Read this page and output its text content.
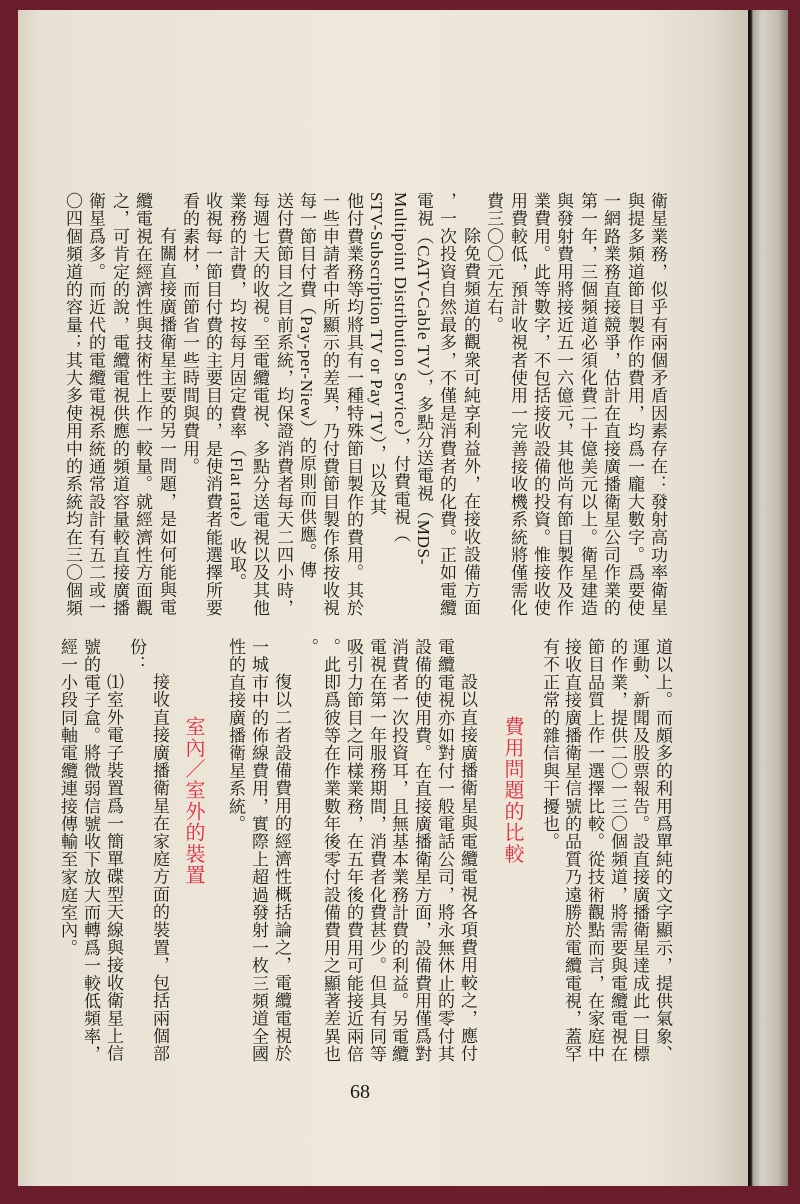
衛星業務，似乎有兩個矛盾因素存在：發射高功率衛星
與提多頻道節目製作的費用，均爲一龐大數字。爲要使
一網路業務直接競爭，估計在直接廣播衛星公司作業的
第一年，三個頻道必須化費二十億美元以上。衛星建造
與發射費用將接近五一六億元，其他尚有節目製作及作
業費用。此等數字，不包括接收設備的投資。惟接收使
用費較低，預計收視者使用一完善接收機系統將僅需化
費三〇〇元左右。
除免費頻道的觀衆可純享利益外，在接收設備方面
，一次投資自然最多，不僅是消費者的化費。正如電纜
電視（CATV-Cable TV），多點分送電視（MDS-
Multipoint Distribution Service），付費電視（
STV-Subscription TV or Pay TV），以及其
他付費業務等均將具有一種特殊節目製作的費用。其於
一些申請者中所顯示的差異，乃付費節目製作係按收視
每一節目付費（Pay-per-Niew）的原則而供應。傳
送付費節目之目前系統，均保證消費者每天二四小時，
每週七天的收視。至電纜電視、多點分送電視以及其他
業務的計費，均按每月固定費率（Flat rate）收取。
收視每一節目付費的主要目的，是使消費者能選擇所要
看的素材，而節省一些時間與費用。
有關直接廣播衛星主要的另一問題，是如何能與電
纜電視在經濟性與技術性上作一較量。就經濟性方面觀
之，可肯定的說，電纜電視供應的頻道容量較直接廣播
衛星爲多。而近代的電纜電視系統通常設計有五二或一
〇四個頻道的容量；其大多使用中的系統均在三〇個頻
道以上。而頗多的利用爲單純的文字顯示，提供氣象、
運動、新聞及股票報告。設直接廣播衛星達成此一目標
的作業，提供二〇一三〇個頻道，將需要與電纜電視在
節目品質上作一選擇比較。從技術觀點而言，在家庭中
接收直接廣播衛星信號的品質乃遠勝於電纜電視，蓋罕
有不正常的雜信與干擾也。
費用問題的比較
設以直接廣播衛星與電纜電視各項費用較之，應付
電纜電視亦如對付一般電話公司，將永無休止的零付其
設備的使用費。在直接廣播衛星方面，設備費用僅爲對
消費者一次投資耳，且無基本業務計費的利益。另電纜
電視在第一年服務期間，消費者化費甚少。但具有同等
吸引力節目之同樣業務，在五年後的費用可能接近兩倍
。此即爲彼等在作業數年後零付設備費用之顯著差異也
。
復以二者設備費用的經濟性概括論之，電纜電視於
一城市中的佈線費用，實際上超過發射一枚三頻道全國
性的直接廣播衛星系統。
室內／室外的裝置
接收直接廣播衛星在家庭方面的裝置，包括兩個部
份：
⑴室外電子裝置爲一簡單碟型天線與接收衛星上信
號的電子盒。將微弱信號收下放大而轉爲一較低頻率，
經一小段同軸電纜連接傳輸至家庭室內。
68
